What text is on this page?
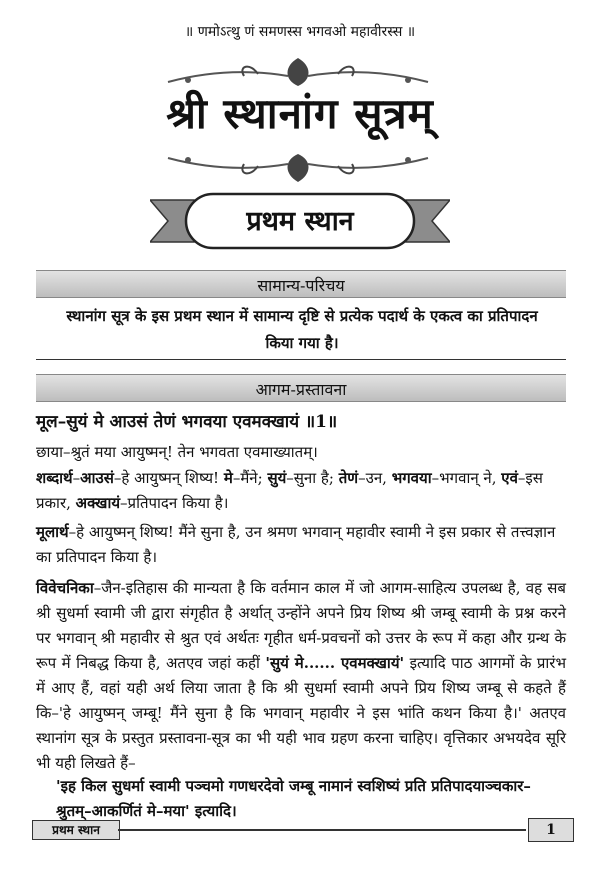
॥ णमोऽत्थु णं समणस्स भगवओ महावीरस्स ॥
श्री स्थानांग सूत्रम्
प्रथम स्थान
सामान्य-परिचय
स्थानांग सूत्र के इस प्रथम स्थान में सामान्य दृष्टि से प्रत्येक पदार्थ के एकत्व का प्रतिपादन किया गया है।
आगम-प्रस्तावना
मूल–सुयं मे आउसं तेणं भगवया एवमक्खायं ॥1॥
छाया–श्रुतं मया आयुष्मन्! तेन भगवता एवमाख्यातम्।
शब्दार्थ–आउसं–हे आयुष्मन् शिष्य! मे–मैंने; सुयं–सुना है; तेणं–उन, भगवया–भगवान् ने, एवं–इस प्रकार, अक्खायं–प्रतिपादन किया है।
मूलार्थ–हे आयुष्मन् शिष्य! मैंने सुना है, उन श्रमण भगवान् महावीर स्वामी ने इस प्रकार से तत्त्वज्ञान का प्रतिपादन किया है।
विवेचनिका–जैन-इतिहास की मान्यता है कि वर्तमान काल में जो आगम-साहित्य उपलब्ध है, वह सब श्री सुधर्मा स्वामी जी द्वारा संगृहीत है अर्थात् उन्होंने अपने प्रिय शिष्य श्री जम्बू स्वामी के प्रश्न करने पर भगवान् श्री महावीर से श्रुत एवं अर्थतः गृहीत धर्म-प्रवचनों को उत्तर के रूप में कहा और ग्रन्थ के रूप में निबद्ध किया है, अतएव जहां कहीं 'सुयं मे...... एवमक्खायं' इत्यादि पाठ आगमों के प्रारंभ में आए हैं, वहां यही अर्थ लिया जाता है कि श्री सुधर्मा स्वामी अपने प्रिय शिष्य जम्बू से कहते हैं कि–'हे आयुष्मन् जम्बू! मैंने सुना है कि भगवान् महावीर ने इस भांति कथन किया है।' अतएव स्थानांग सूत्र के प्रस्तुत प्रस्तावना-सूत्र का भी यही भाव ग्रहण करना चाहिए। वृत्तिकार अभयदेव सूरि भी यही लिखते हैं–
'इह किल सुधर्मा स्वामी पञ्चमो गणधरदेवो जम्बू नामानं स्वशिष्यं प्रति प्रतिपादयाञ्चकार–श्रुतम्–आकर्णितं मे–मया' इत्यादि।
प्रथम स्थान	1
